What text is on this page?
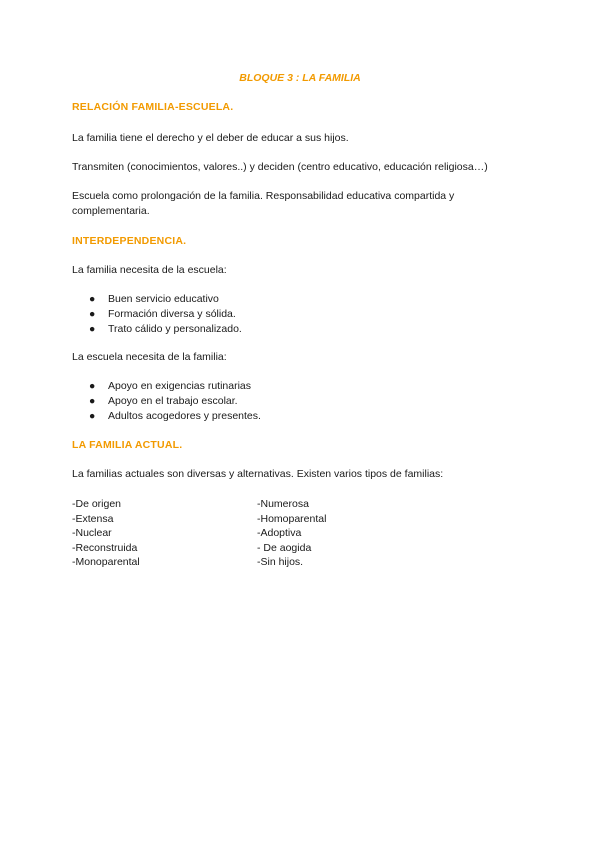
BLOQUE 3 : LA FAMILIA
RELACIÓN FAMILIA-ESCUELA.
La familia tiene el derecho y el deber de educar a sus hijos.
Transmiten (conocimientos, valores..) y deciden (centro educativo, educación religiosa…)
Escuela como prolongación de la familia. Responsabilidad educativa compartida y complementaria.
INTERDEPENDENCIA.
La familia necesita de la escuela:
● Buen servicio educativo
● Formación diversa y sólida.
● Trato cálido y personalizado.
La escuela necesita de la familia:
● Apoyo en exigencias rutinarias
● Apoyo en el trabajo escolar.
● Adultos acogedores y presentes.
LA FAMILIA ACTUAL.
La familias actuales son diversas y alternativas. Existen varios tipos de familias:
-De origen	-Numerosa
-Extensa	-Homoparental
-Nuclear	-Adoptiva
-Reconstruida	- De aogida
-Monoparental	-Sin hijos.
